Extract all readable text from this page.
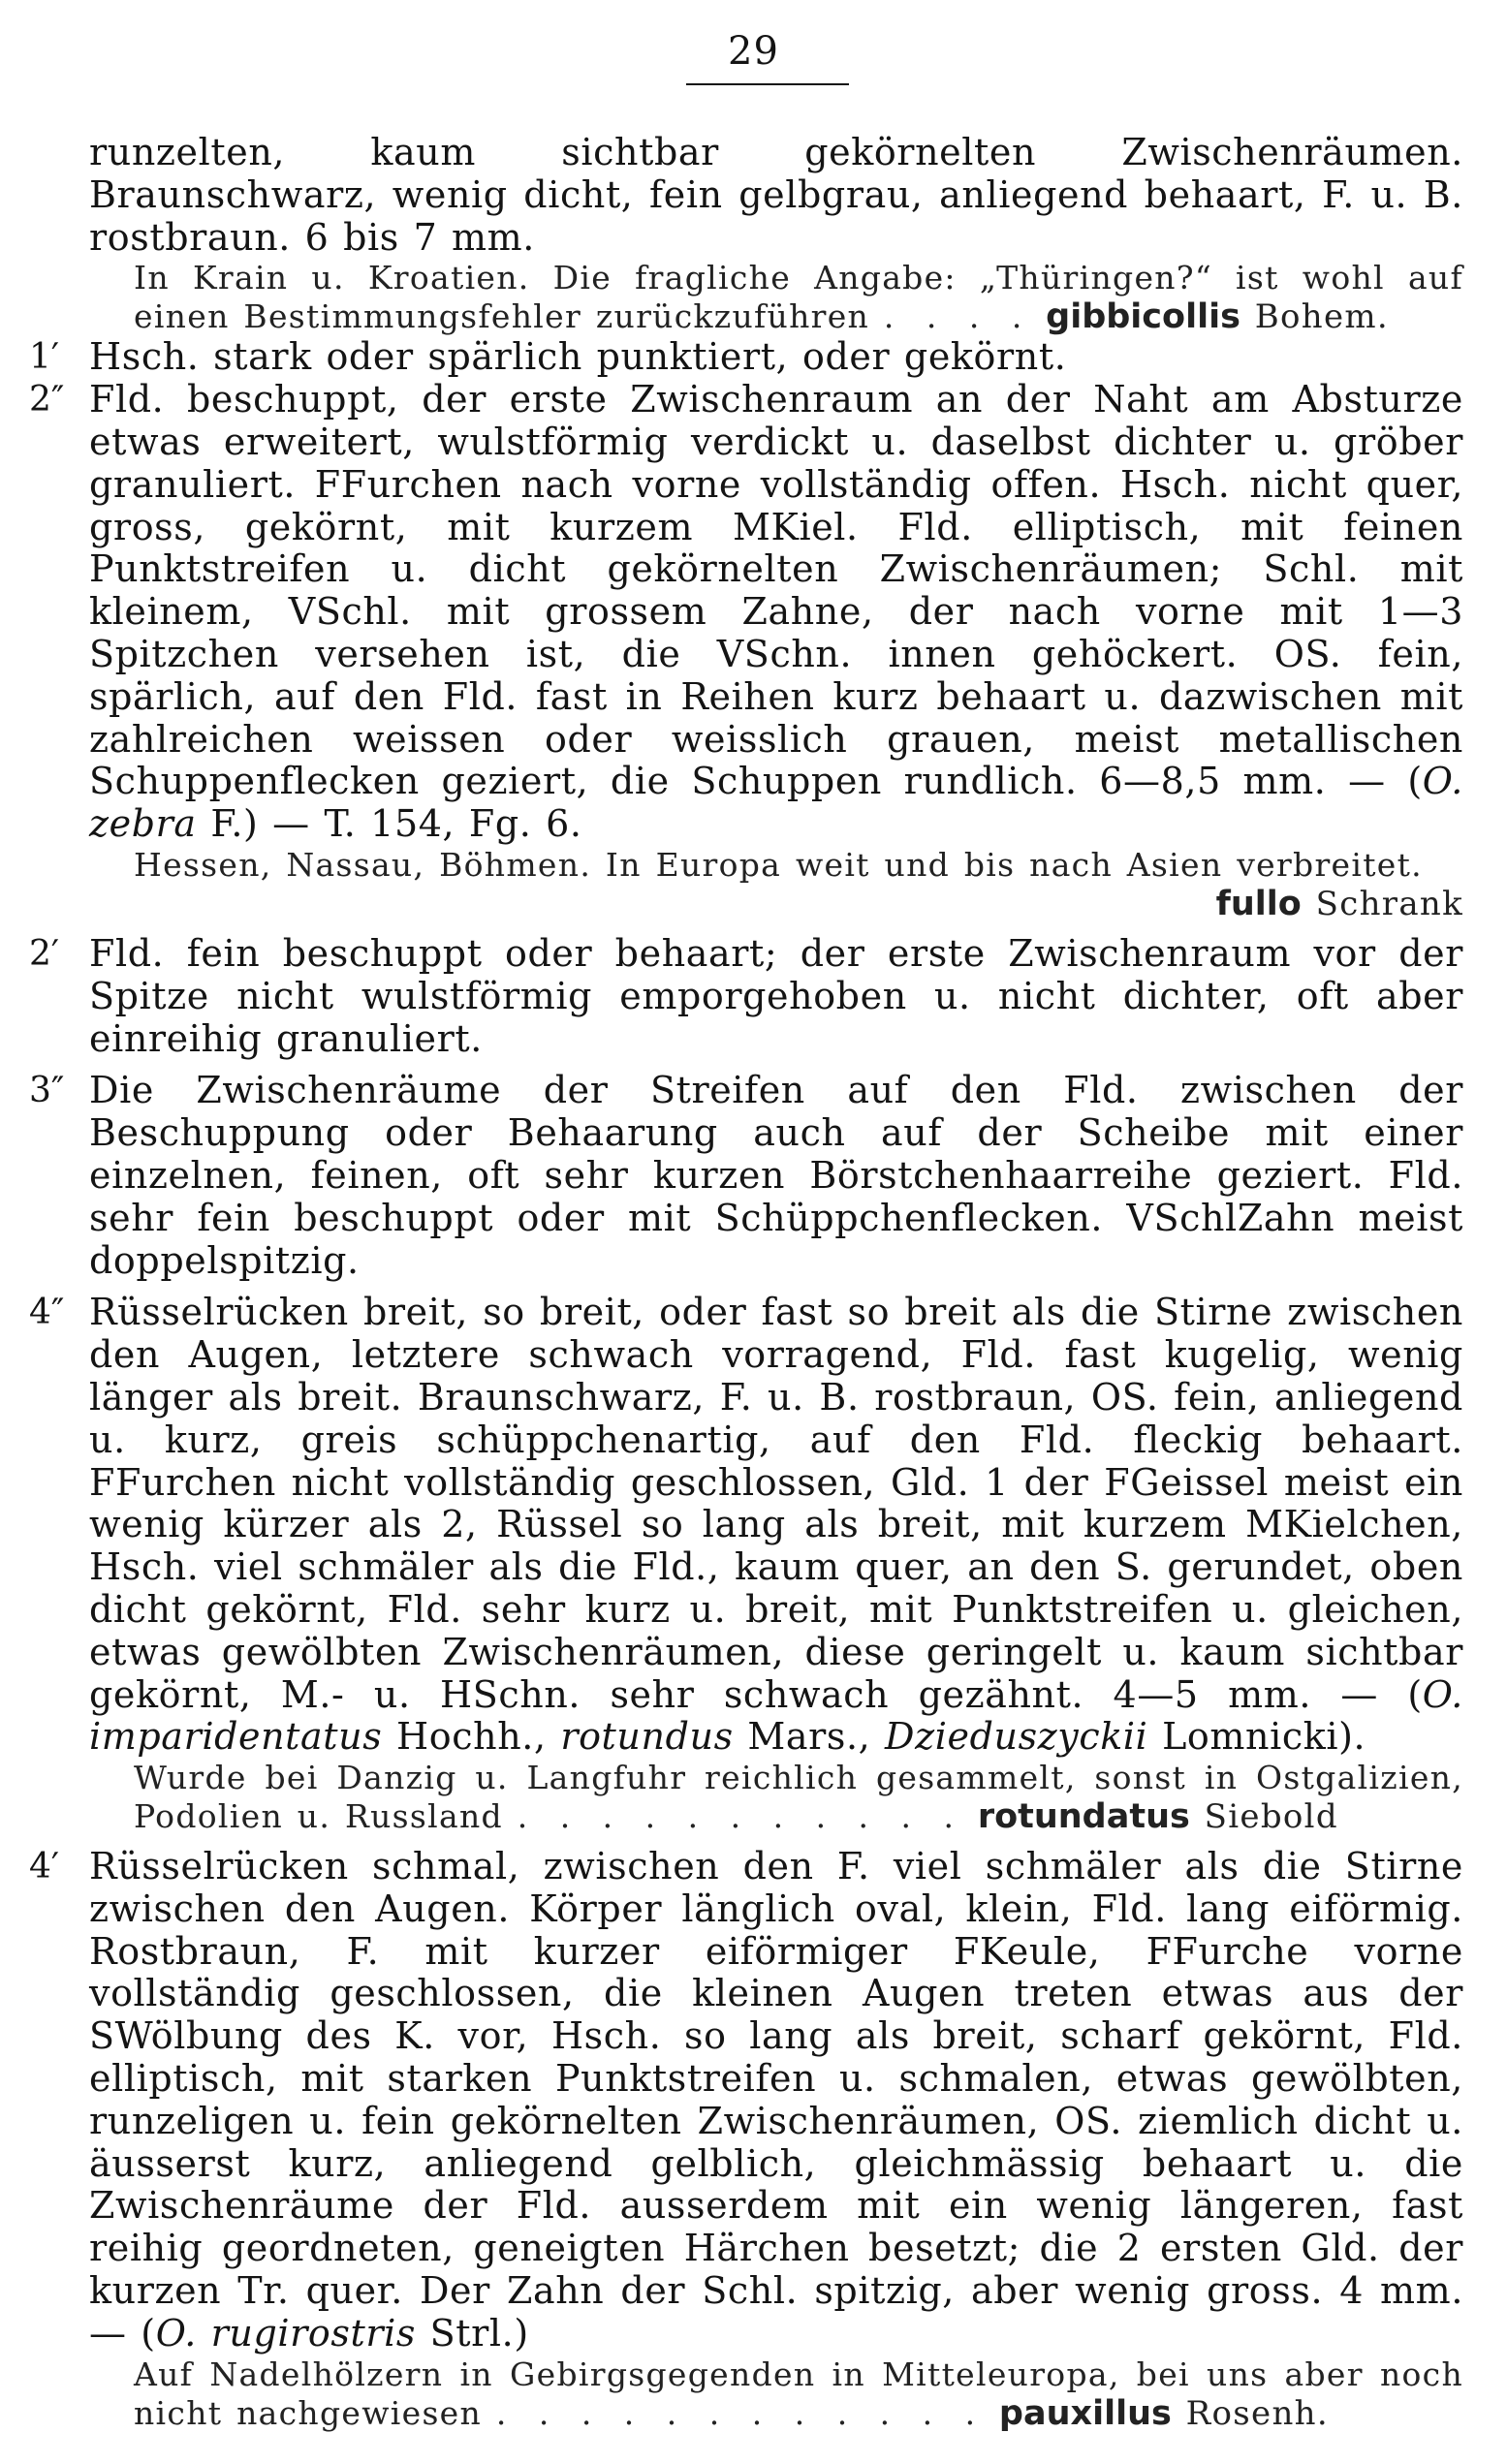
29
runzelten, kaum sichtbar gekörnelten Zwischenräumen. Braunschwarz, wenig dicht, fein gelbgrau, anliegend behaart, F. u. B. rostbraun. 6 bis 7 mm.
In Krain u. Kroatien. Die fragliche Angabe: „Thüringen?“ ist wohl auf einen Bestimmungsfehler zurückzuführen . . . . gibbicollis Bohem.
1′ Hsch. stark oder spärlich punktiert, oder gekörnt.
2″ Fld. beschuppt, der erste Zwischenraum an der Naht am Absturze etwas erweitert, wulstförmig verdickt u. daselbst dichter u. gröber granuliert. FFurchen nach vorne vollständig offen. Hsch. nicht quer, gross, gekörnt, mit kurzem MKiel. Fld. elliptisch, mit feinen Punktstreifen u. dicht gekörnelten Zwischenräumen; Schl. mit kleinem, VSchl. mit grossem Zahne, der nach vorne mit 1—3 Spitzchen versehen ist, die VSchn. innen gehöckert. OS. fein, spärlich, auf den Fld. fast in Reihen kurz behaart u. dazwischen mit zahlreichen weissen oder weisslich grauen, meist metallischen Schuppenflecken geziert, die Schuppen rundlich. 6—8,5 mm. — (O. zebra F.) — T. 154, Fg. 6.
Hessen, Nassau, Böhmen. In Europa weit und bis nach Asien verbreitet.
fullo Schrank
2′ Fld. fein beschuppt oder behaart; der erste Zwischenraum vor der Spitze nicht wulstförmig emporgehoben u. nicht dichter, oft aber einreihig granuliert.
3″ Die Zwischenräume der Streifen auf den Fld. zwischen der Beschuppung oder Behaarung auch auf der Scheibe mit einer einzelnen, feinen, oft sehr kurzen Börstchenhaarreihe geziert. Fld. sehr fein beschuppt oder mit Schüppchenflecken. VSchlZahn meist doppelspitzig.
4″ Rüsselrücken breit, so breit, oder fast so breit als die Stirne zwischen den Augen, letztere schwach vorragend, Fld. fast kugelig, wenig länger als breit. Braunschwarz, F. u. B. rostbraun, OS. fein, anliegend u. kurz, greis schüppchenartig, auf den Fld. fleckig behaart. FFurchen nicht vollständig geschlossen, Gld. 1 der FGeissel meist ein wenig kürzer als 2, Rüssel so lang als breit, mit kurzem MKielchen, Hsch. viel schmäler als die Fld., kaum quer, an den S. gerundet, oben dicht gekörnt, Fld. sehr kurz u. breit, mit Punktstreifen u. gleichen, etwas gewölbten Zwischenräumen, diese geringelt u. kaum sichtbar gekörnt, M.- u. HSchn. sehr schwach gezähnt. 4—5 mm. — (O. imparidentatus Hochh., rotundus Mars., Dzieduszyckii Lomnicki).
Wurde bei Danzig u. Langfuhr reichlich gesammelt, sonst in Ostgalizien, Podolien u. Russland . . . . . . . . . . . rotundatus Siebold
4′ Rüsselrücken schmal, zwischen den F. viel schmäler als die Stirne zwischen den Augen. Körper länglich oval, klein, Fld. lang eiförmig. Rostbraun, F. mit kurzer eiförmiger FKeule, FFurche vorne vollständig geschlossen, die kleinen Augen treten etwas aus der SWölbung des K. vor, Hsch. so lang als breit, scharf gekörnt, Fld. elliptisch, mit starken Punktstreifen u. schmalen, etwas gewölbten, runzeligen u. fein gekörnelten Zwischenräumen, OS. ziemlich dicht u. äusserst kurz, anliegend gelblich, gleichmässig behaart u. die Zwischenräume der Fld. ausserdem mit ein wenig längeren, fast reihig geordneten, geneigten Härchen besetzt; die 2 ersten Gld. der kurzen Tr. quer. Der Zahn der Schl. spitzig, aber wenig gross. 4 mm. — (O. rugirostris Strl.)
Auf Nadelhölzern in Gebirgsgegenden in Mitteleuropa, bei uns aber noch nicht nachgewiesen . . . . . . . . . . . . pauxillus Rosenh.
